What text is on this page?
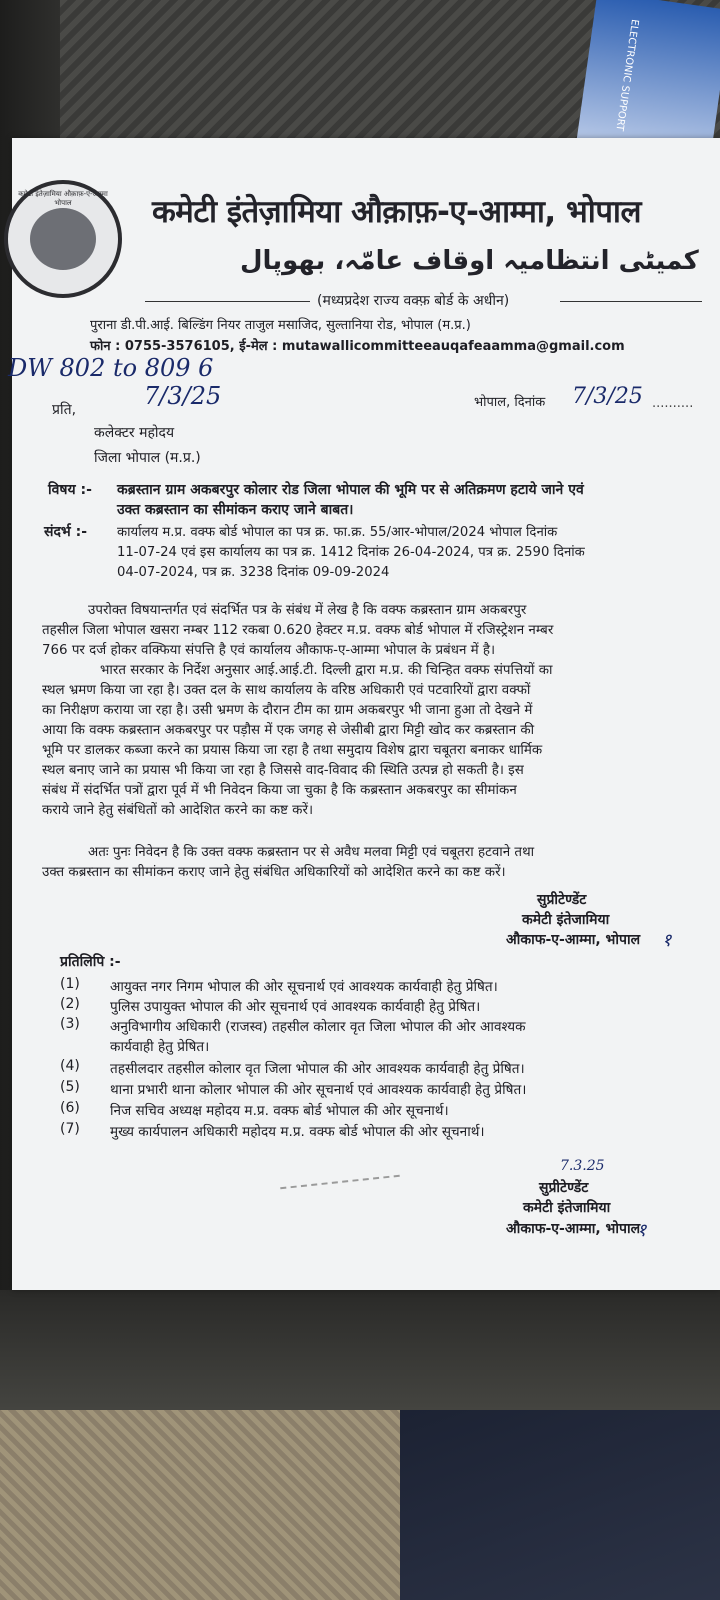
ELECTRONIC SUPPORT
कमेटी इंतेज़ामिया औक़ाफ़-ए-आम्मा भोपाल	कमेटी इंतेज़ामिया औक़ाफ़-ए-आम्मा, भोपाल
کمیٹی انتظامیہ اوقاف عامّہ، بھوپال
(मध्यप्रदेश राज्य वक्फ़ बोर्ड के अधीन)
पुराना डी.पी.आई. बिल्डिंग नियर ताजुल मसाजिद, सुल्तानिया रोड, भोपाल (म.प्र.)
फोन : 0755-3576105, ई-मेल : mutawallicommitteeauqafeaamma@gmail.com
DW 802 to 809 6
7/3/25
प्रति,	भोपाल, दिनांक 7/3/25 ..........
कलेक्टर महोदय
जिला भोपाल (म.प्र.)
विषय :- कब्रस्तान ग्राम अकबरपुर कोलार रोड जिला भोपाल की भूमि पर से अतिक्रमण हटाये जाने एवं
उक्त कब्रस्तान का सीमांकन कराए जाने बाबत।
संदर्भ :- कार्यालय म.प्र. वक्फ बोर्ड भोपाल का पत्र क्र. फा.क्र. 55/आर-भोपाल/2024 भोपाल दिनांक
11-07-24 एवं इस कार्यालय का पत्र क्र. 1412 दिनांक 26-04-2024, पत्र क्र. 2590 दिनांक
04-07-2024, पत्र क्र. 3238 दिनांक 09-09-2024
उपरोक्त विषयान्तर्गत एवं संदर्भित पत्र के संबंध में लेख है कि वक्फ कब्रस्तान ग्राम अकबरपुर
तहसील जिला भोपाल खसरा नम्बर 112 रकबा 0.620 हेक्टर म.प्र. वक्फ बोर्ड भोपाल में रजिस्ट्रेशन नम्बर
766 पर दर्ज होकर वक्फिया संपत्ति है एवं कार्यालय औकाफ-ए-आम्मा भोपाल के प्रबंधन में है।
भारत सरकार के निर्देश अनुसार आई.आई.टी. दिल्ली द्वारा म.प्र. की चिन्हित वक्फ संपत्तियों का
स्थल भ्रमण किया जा रहा है। उक्त दल के साथ कार्यालय के वरिष्ठ अधिकारी एवं पटवारियों द्वारा वक्फों
का निरीक्षण कराया जा रहा है। उसी भ्रमण के दौरान टीम का ग्राम अकबरपुर भी जाना हुआ तो देखने में
आया कि वक्फ कब्रस्तान अकबरपुर पर पड़ौस में एक जगह से जेसीबी द्वारा मिट्टी खोद कर कब्रस्तान की
भूमि पर डालकर कब्जा करने का प्रयास किया जा रहा है तथा समुदाय विशेष द्वारा चबूतरा बनाकर धार्मिक
स्थल बनाए जाने का प्रयास भी किया जा रहा है जिससे वाद-विवाद की स्थिति उत्पन्न हो सकती है। इस
संबंध में संदर्भित पत्रों द्वारा पूर्व में भी निवेदन किया जा चुका है कि कब्रस्तान अकबरपुर का सीमांकन
कराये जाने हेतु संबंधितों को आदेशित करने का कष्ट करें।
अतः पुनः निवेदन है कि उक्त वक्फ कब्रस्तान पर से अवैध मलवा मिट्टी एवं चबूतरा हटवाने तथा
उक्त कब्रस्तान का सीमांकन कराए जाने हेतु संबंधित अधिकारियों को आदेशित करने का कष्ट करें।
सुप्रीटेण्डेंट
कमेटी इंतेजामिया
औकाफ-ए-आम्मा, भोपाल १
प्रतिलिपि :-
(1) आयुक्त नगर निगम भोपाल की ओर सूचनार्थ एवं आवश्यक कार्यवाही हेतु प्रेषित।
(2) पुलिस उपायुक्त भोपाल की ओर सूचनार्थ एवं आवश्यक कार्यवाही हेतु प्रेषित।
(3) अनुविभागीय अधिकारी (राजस्व) तहसील कोलार वृत जिला भोपाल की ओर आवश्यक
कार्यवाही हेतु प्रेषित।
(4) तहसीलदार तहसील कोलार वृत जिला भोपाल की ओर आवश्यक कार्यवाही हेतु प्रेषित।
(5) थाना प्रभारी थाना कोलार भोपाल की ओर सूचनार्थ एवं आवश्यक कार्यवाही हेतु प्रेषित।
(6) निज सचिव अध्यक्ष महोदय म.प्र. वक्फ बोर्ड भोपाल की ओर सूचनार्थ।
(7) मुख्य कार्यपालन अधिकारी महोदय म.प्र. वक्फ बोर्ड भोपाल की ओर सूचनार्थ।
7.3.25
सुप्रीटेण्डेंट
कमेटी इंतेजामिया
औकाफ-ए-आम्मा, भोपाल
१
